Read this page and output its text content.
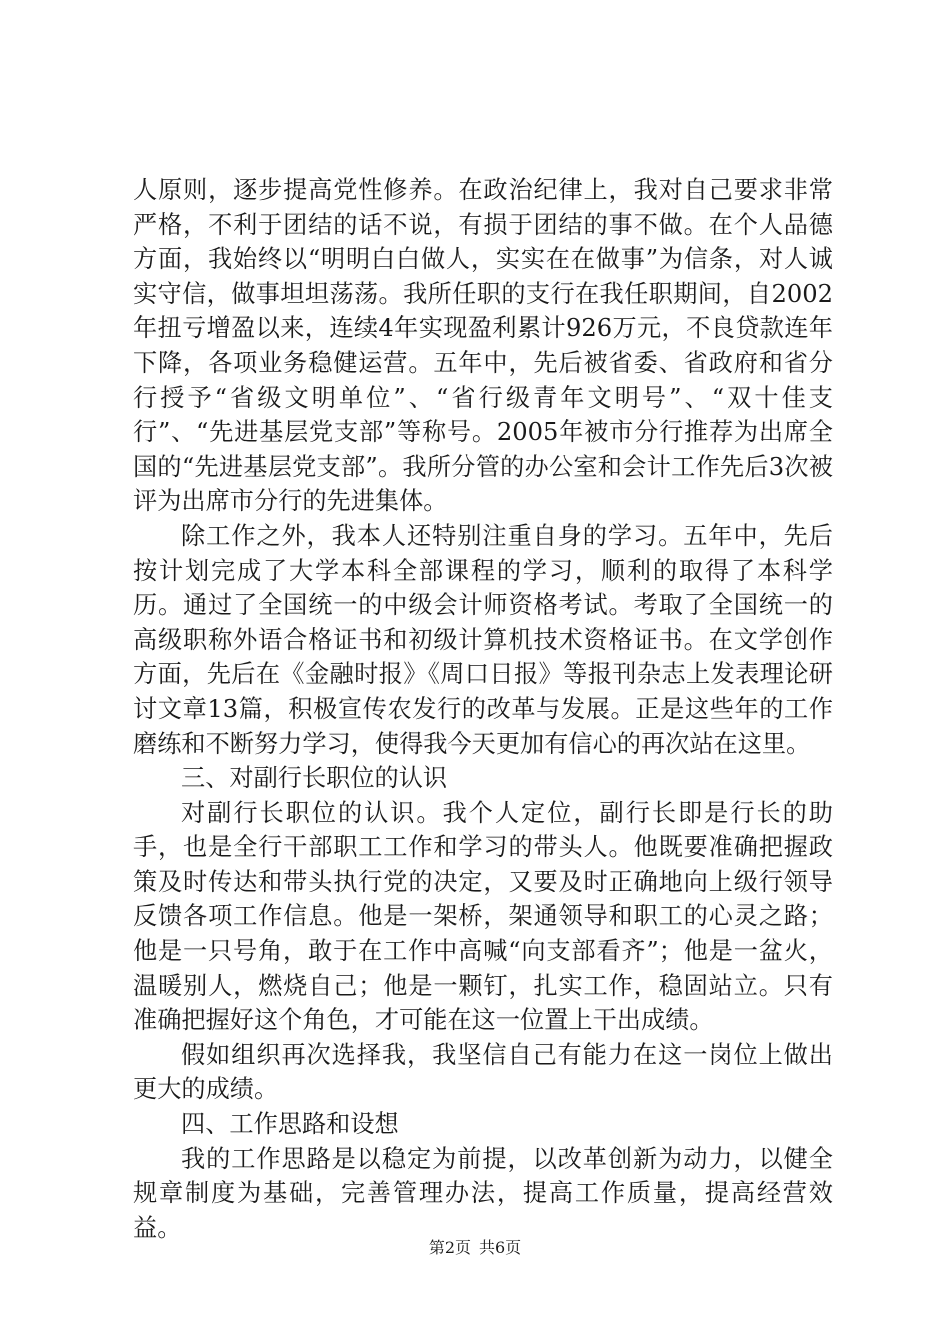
人原则，逐步提高党性修养。在政治纪律上，我对自己要求非常严格，不利于团结的话不说，有损于团结的事不做。在个人品德方面，我始终以“明明白白做人，实实在在做事”为信条，对人诚实守信，做事坦坦荡荡。我所任职的支行在我任职期间，自2002年扭亏增盈以来，连续4年实现盈利累计926万元，不良贷款连年下降，各项业务稳健运营。五年中，先后被省委、省政府和省分行授予“省级文明单位”、“省行级青年文明号”、“双十佳支行”、“先进基层党支部”等称号。2005年被市分行推荐为出席全国的“先进基层党支部”。我所分管的办公室和会计工作先后3次被评为出席市分行的先进集体。

除工作之外，我本人还特别注重自身的学习。五年中，先后按计划完成了大学本科全部课程的学习，顺利的取得了本科学历。通过了全国统一的中级会计师资格考试。考取了全国统一的高级职称外语合格证书和初级计算机技术资格证书。在文学创作方面，先后在《金融时报》《周口日报》等报刊杂志上发表理论研讨文章13篇，积极宣传农发行的改革与发展。正是这些年的工作磨练和不断努力学习，使得我今天更加有信心的再次站在这里。

三、对副行长职位的认识

对副行长职位的认识。我个人定位，副行长即是行长的助手，也是全行干部职工工作和学习的带头人。他既要准确把握政策及时传达和带头执行党的决定，又要及时正确地向上级行领导反馈各项工作信息。他是一架桥，架通领导和职工的心灵之路；他是一只号角，敢于在工作中高喊“向支部看齐”；他是一盆火，温暖别人，燃烧自己；他是一颗钉，扎实工作，稳固站立。只有准确把握好这个角色，才可能在这一位置上干出成绩。

假如组织再次选择我，我坚信自己有能力在这一岗位上做出更大的成绩。

四、工作思路和设想

我的工作思路是以稳定为前提，以改革创新为动力，以健全规章制度为基础，完善管理办法，提高工作质量，提高经营效益。

第2页 共6页
